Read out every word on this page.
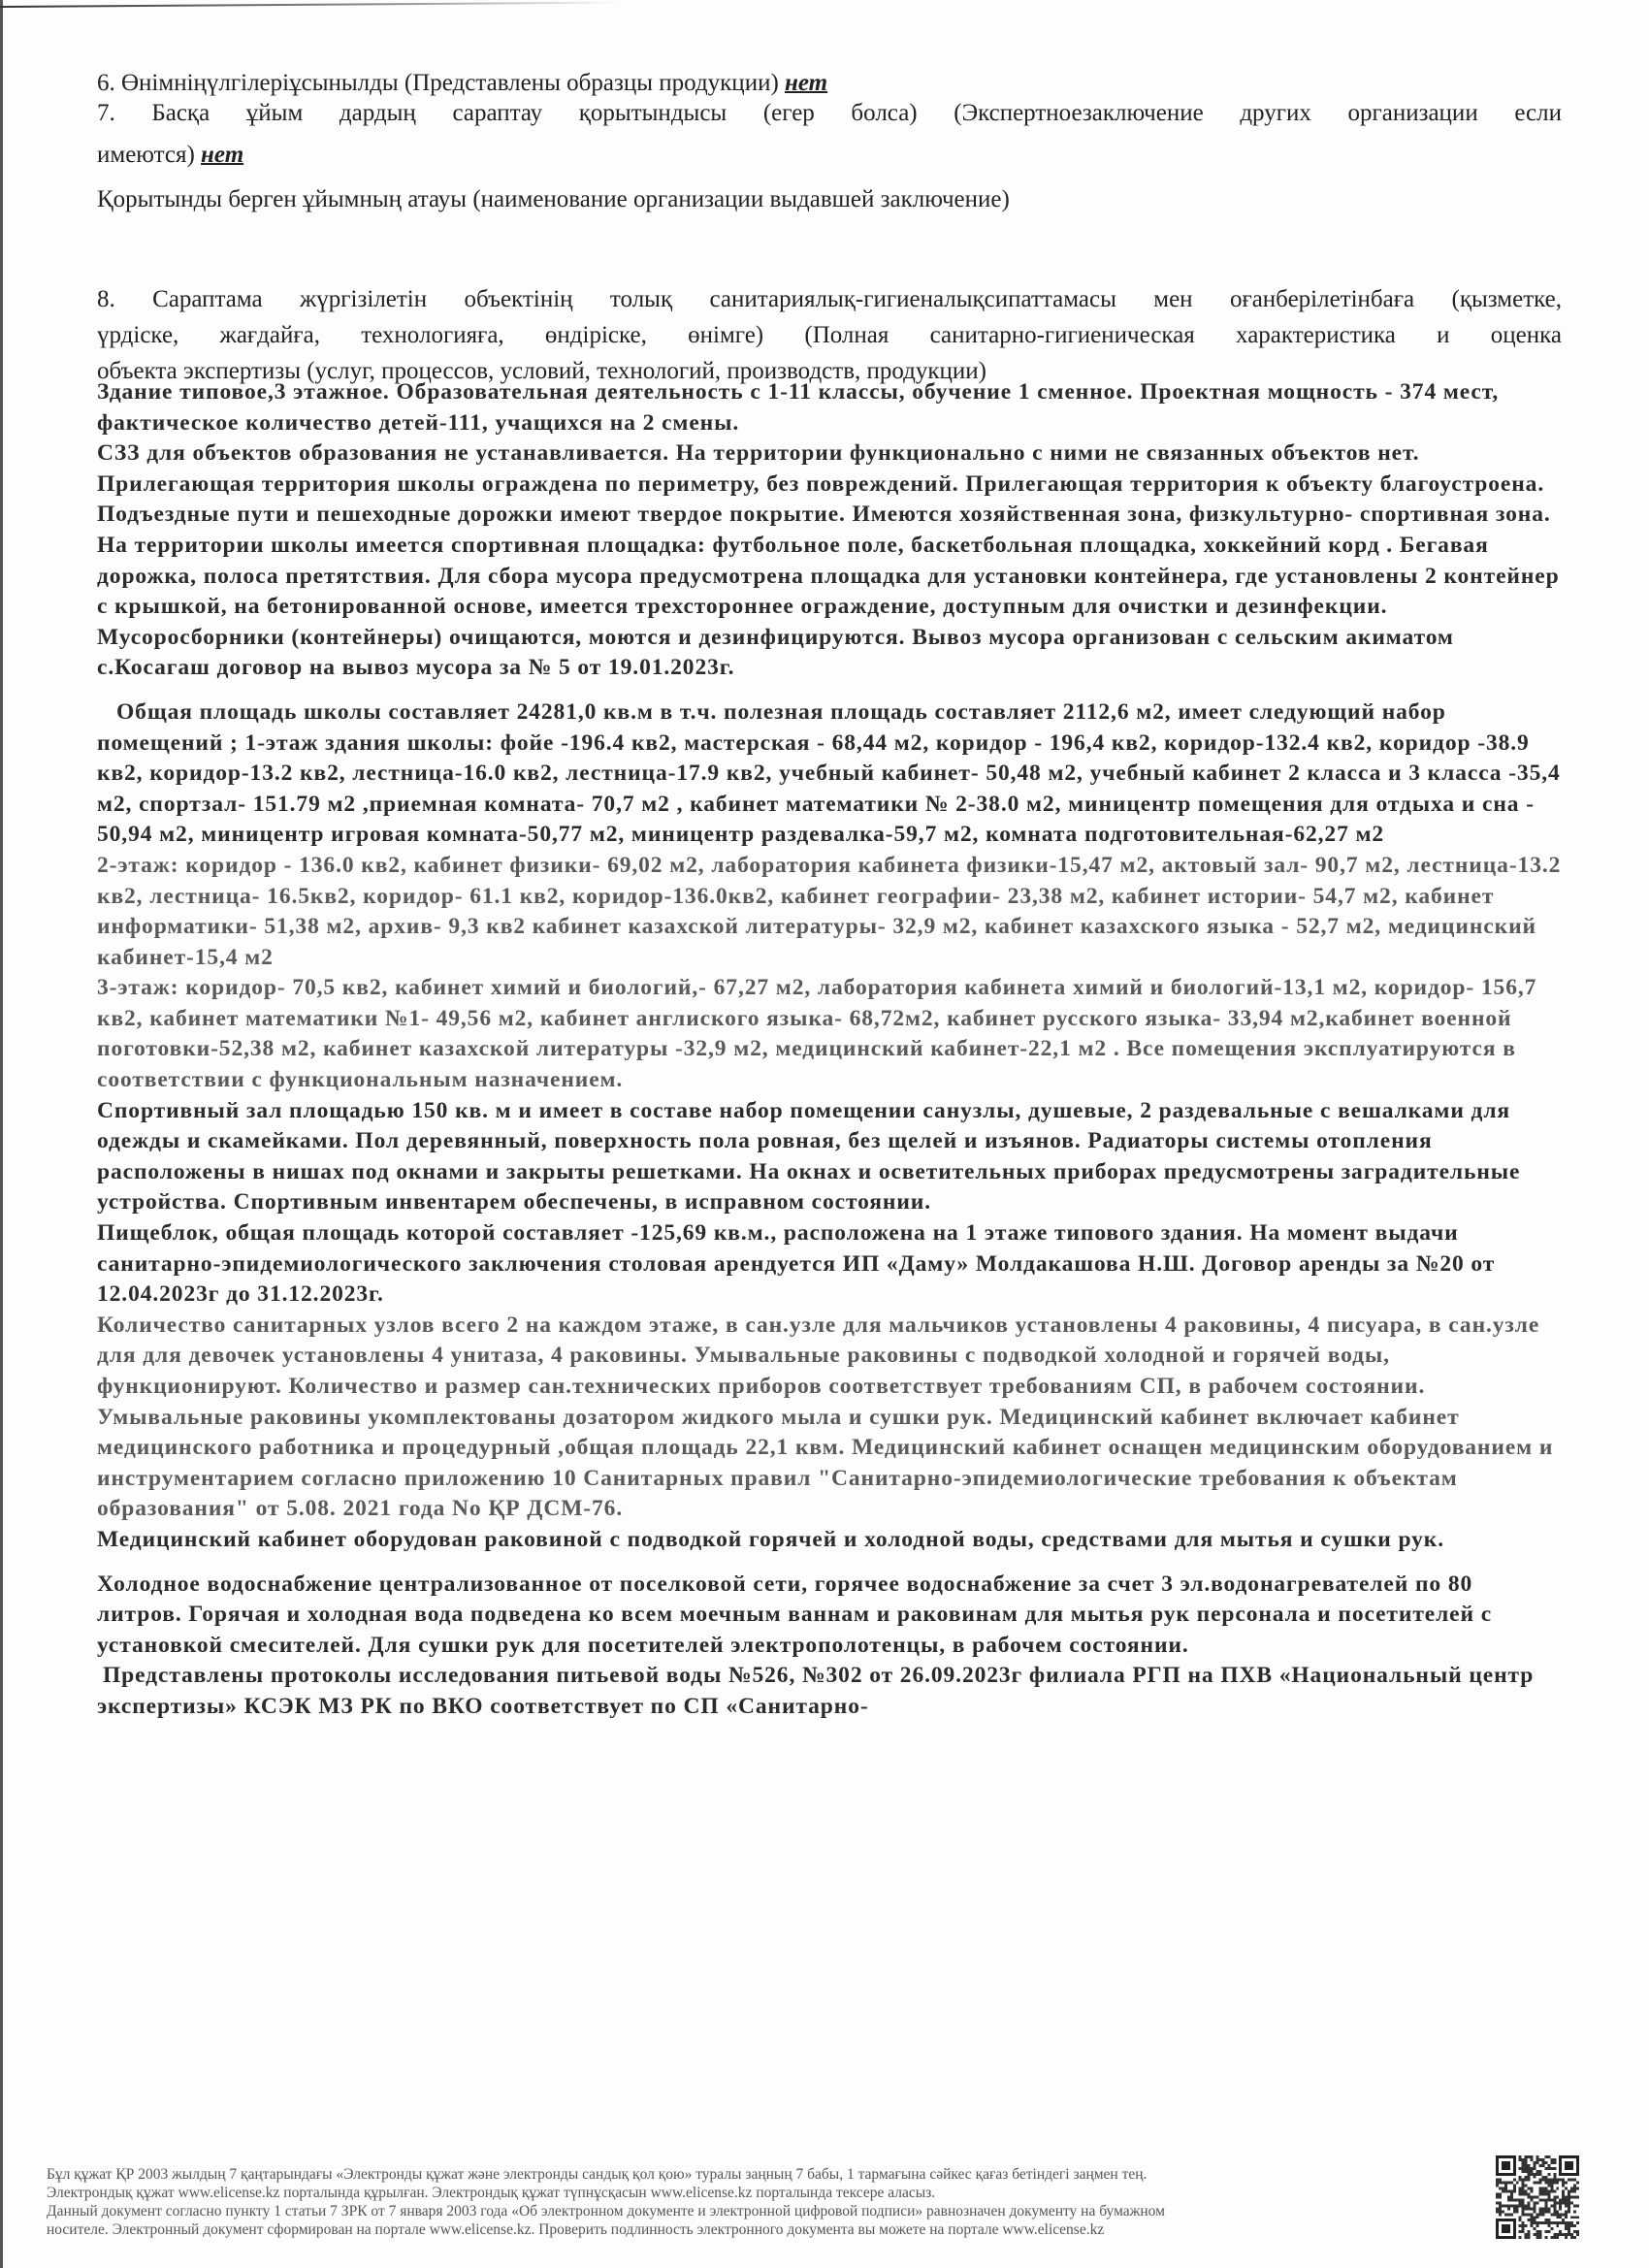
6. Өнімніңүлгілеріұсынылды (Представлены образцы продукции) нет

7. Басқа ұйым дардың сараптау қорытындысы (егер болса) (Экспертноезаключение других организации если

имеются) нет

Қорытынды берген ұйымның атауы (наименование организации выдавшей заключение)

8. Сараптама жүргізілетін объектінің толық санитариялық-гигиеналықсипаттамасы мен оғанберілетінбаға (қызметке,

үрдіске, жағдайға, технологияға, өндіріске, өнімге) (Полная санитарно-гигиеническая характеристика и оценка

объекта экспертизы (услуг, процессов, условий, технологий, производств, продукции)

Здание типовое,3 этажное. Образовательная деятельность с 1-11 классы, обучение 1 сменное. Проектная мощность - 374 мест, фактическое количество детей-111, учащихся на 2 смены.

СЗЗ для объектов образования не устанавливается. На территории функционально с ними не связанных объектов нет. Прилегающая территория школы ограждена по периметру, без повреждений. Прилегающая территория к объекту благоустроена. Подъездные пути и пешеходные дорожки имеют твердое покрытие. Имеются хозяйственная зона, физкультурно- спортивная зона. На территории школы имеется спортивная площадка: футбольное поле, баскетбольная площадка, хоккейний корд . Бегавая дорожка, полоса претятствия. Для сбора мусора предусмотрена площадка для установки контейнера, где установлены 2 контейнер с крышкой, на бетонированной основе, имеется трехстороннее ограждение, доступным для очистки и дезинфекции. Мусоросборники (контейнеры) очищаются, моются и дезинфицируются. Вывоз мусора организован с сельским акиматом с.Косагаш договор на вывоз мусора за № 5 от 19.01.2023г.

Общая площадь школы составляет 24281,0 кв.м в т.ч. полезная площадь составляет 2112,6 м2, имеет следующий набор помещений ; 1-этаж здания школы: фойе -196.4 кв2, мастерская - 68,44 м2, коридор - 196,4 кв2, коридор-132.4 кв2, коридор -38.9 кв2, коридор-13.2 кв2, лестница-16.0 кв2, лестница-17.9 кв2, учебный кабинет- 50,48 м2, учебный кабинет 2 класса и 3 класса -35,4 м2, спортзал- 151.79 м2 ,приемная комната- 70,7 м2 , кабинет математики № 2-38.0 м2, миницентр помещения для отдыха и сна - 50,94 м2, миницентр игровая комната-50,77 м2, миницентр раздевалка-59,7 м2, комната подготовительная-62,27 м2

2-этаж: коридор - 136.0 кв2, кабинет физики- 69,02 м2, лаборатория кабинета физики-15,47 м2, актовый зал- 90,7 м2, лестница-13.2 кв2, лестница- 16.5кв2, коридор- 61.1 кв2, коридор-136.0кв2, кабинет географии- 23,38 м2, кабинет истории- 54,7 м2, кабинет информатики- 51,38 м2, архив- 9,3 кв2 кабинет казахской литературы- 32,9 м2, кабинет казахского языка - 52,7 м2, медицинский кабинет-15,4 м2

3-этаж: коридор- 70,5 кв2, кабинет химий и биологий,- 67,27 м2, лаборатория кабинета химий и биологий-13,1 м2, коридор- 156,7 кв2, кабинет математики №1- 49,56 м2, кабинет англиского языка- 68,72м2, кабинет русского языка- 33,94 м2,кабинет военной поготовки-52,38 м2, кабинет казахской литературы -32,9 м2, медицинский кабинет-22,1 м2 . Все помещения эксплуатируются в соответствии с функциональным назначением.

Спортивный зал площадью 150 кв. м и имеет в составе набор помещении санузлы, душевые, 2 раздевальные с вешалками для одежды и скамейками. Пол деревянный, поверхность пола ровная, без щелей и изъянов. Радиаторы системы отопления расположены в нишах под окнами и закрыты решетками. На окнах и осветительных приборах предусмотрены заградительные устройства. Спортивным инвентарем обеспечены, в исправном состоянии.

Пищеблок, общая площадь которой составляет -125,69 кв.м., расположена на 1 этаже типового здания. На момент выдачи санитарно-эпидемиологического заключения столовая арендуется ИП «Даму» Молдакашова Н.Ш. Договор аренды за №20 от 12.04.2023г до 31.12.2023г.

Количество санитарных узлов всего 2 на каждом этаже, в сан.узле для мальчиков установлены 4 раковины, 4 писуара, в сан.узле для для девочек установлены 4 унитаза, 4 раковины. Умывальные раковины с подводкой холодной и горячей воды, функционируют. Количество и размер сан.технических приборов соответствует требованиям СП, в рабочем состоянии. Умывальные раковины укомплектованы дозатором жидкого мыла и сушки рук. Медицинский кабинет включает кабинет медицинского работника и процедурный ,общая площадь 22,1 квм. Медицинский кабинет оснащен медицинским оборудованием и инструментарием согласно приложению 10 Санитарных правил "Санитарно-эпидемиологические требования к объектам образования" от 5.08. 2021 года No ҚР ДСМ-76.

Медицинский кабинет оборудован раковиной с подводкой горячей и холодной воды, средствами для мытья и сушки рук.

Холодное водоснабжение централизованное от поселковой сети, горячее водоснабжение за счет 3 эл.водонагревателей по 80 литров. Горячая и холодная вода подведена ко всем моечным ваннам и раковинам для мытья рук персонала и посетителей с установкой смесителей. Для сушки рук для посетителей электрополотенцы, в рабочем состоянии.

Представлены протоколы исследования питьевой воды №526, №302 от 26.09.2023г филиала РГП на ПХВ «Национальный центр экспертизы» КСЭК МЗ РК по ВКО соответствует по СП «Санитарно-

Бұл құжат ҚР 2003 жылдың 7 қаңтарындағы «Электронды құжат және электронды сандық қол қою» туралы заңның 7 бабы, 1 тармағына сәйкес қағаз бетіндегі заңмен тең.

Электрондық құжат www.elicense.kz порталында құрылған. Электрондық құжат түпнұсқасын www.elicense.kz порталында тексере аласыз.

Данный документ согласно пункту 1 статьи 7 ЗРК от 7 января 2003 года «Об электронном документе и электронной цифровой подписи» равнозначен документу на бумажном

носителе. Электронный документ сформирован на портале www.elicense.kz. Проверить подлинность электронного документа вы можете на портале www.elicense.kz
